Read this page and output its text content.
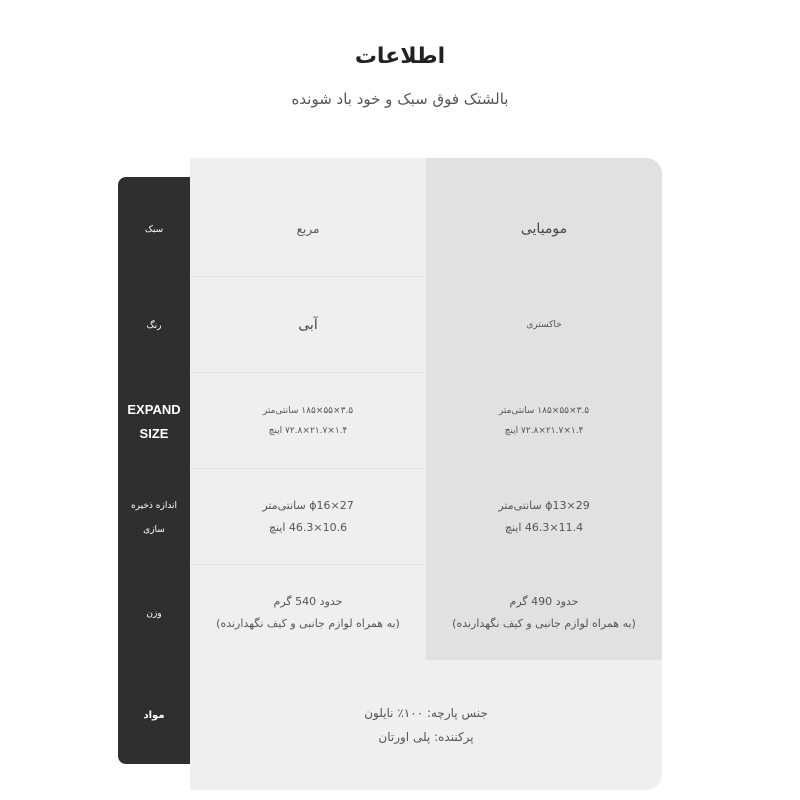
اطلاعات
بالشتک فوق سبک و خود باد شونده
سبک
رنگ
EXPAND
SIZE
اندازه ذخیره
سازی
وزن
مواد
مربع	مومیایی
آبی	خاکستری
۳.۵×۵۵×۱۸۵ سانتی‌متر
۱.۴×۲۱.۷×۷۲.۸ اینچ
۳.۵×۵۵×۱۸۵ سانتی‌متر
۱.۴×۲۱.۷×۷۲.۸ اینچ
ϕ16×27 سانتی‌متر
10.6×46.3 اینچ
ϕ13×29 سانتی‌متر
11.4×46.3 اینچ
حدود 540 گرم
(به همراه لوازم جانبی و کیف نگهدارنده)
حدود 490 گرم
(به همراه لوازم جانبی و کیف نگهدارنده)
جنس پارچه: ۱۰۰٪ نایلون
پرکننده: پلی اورتان
